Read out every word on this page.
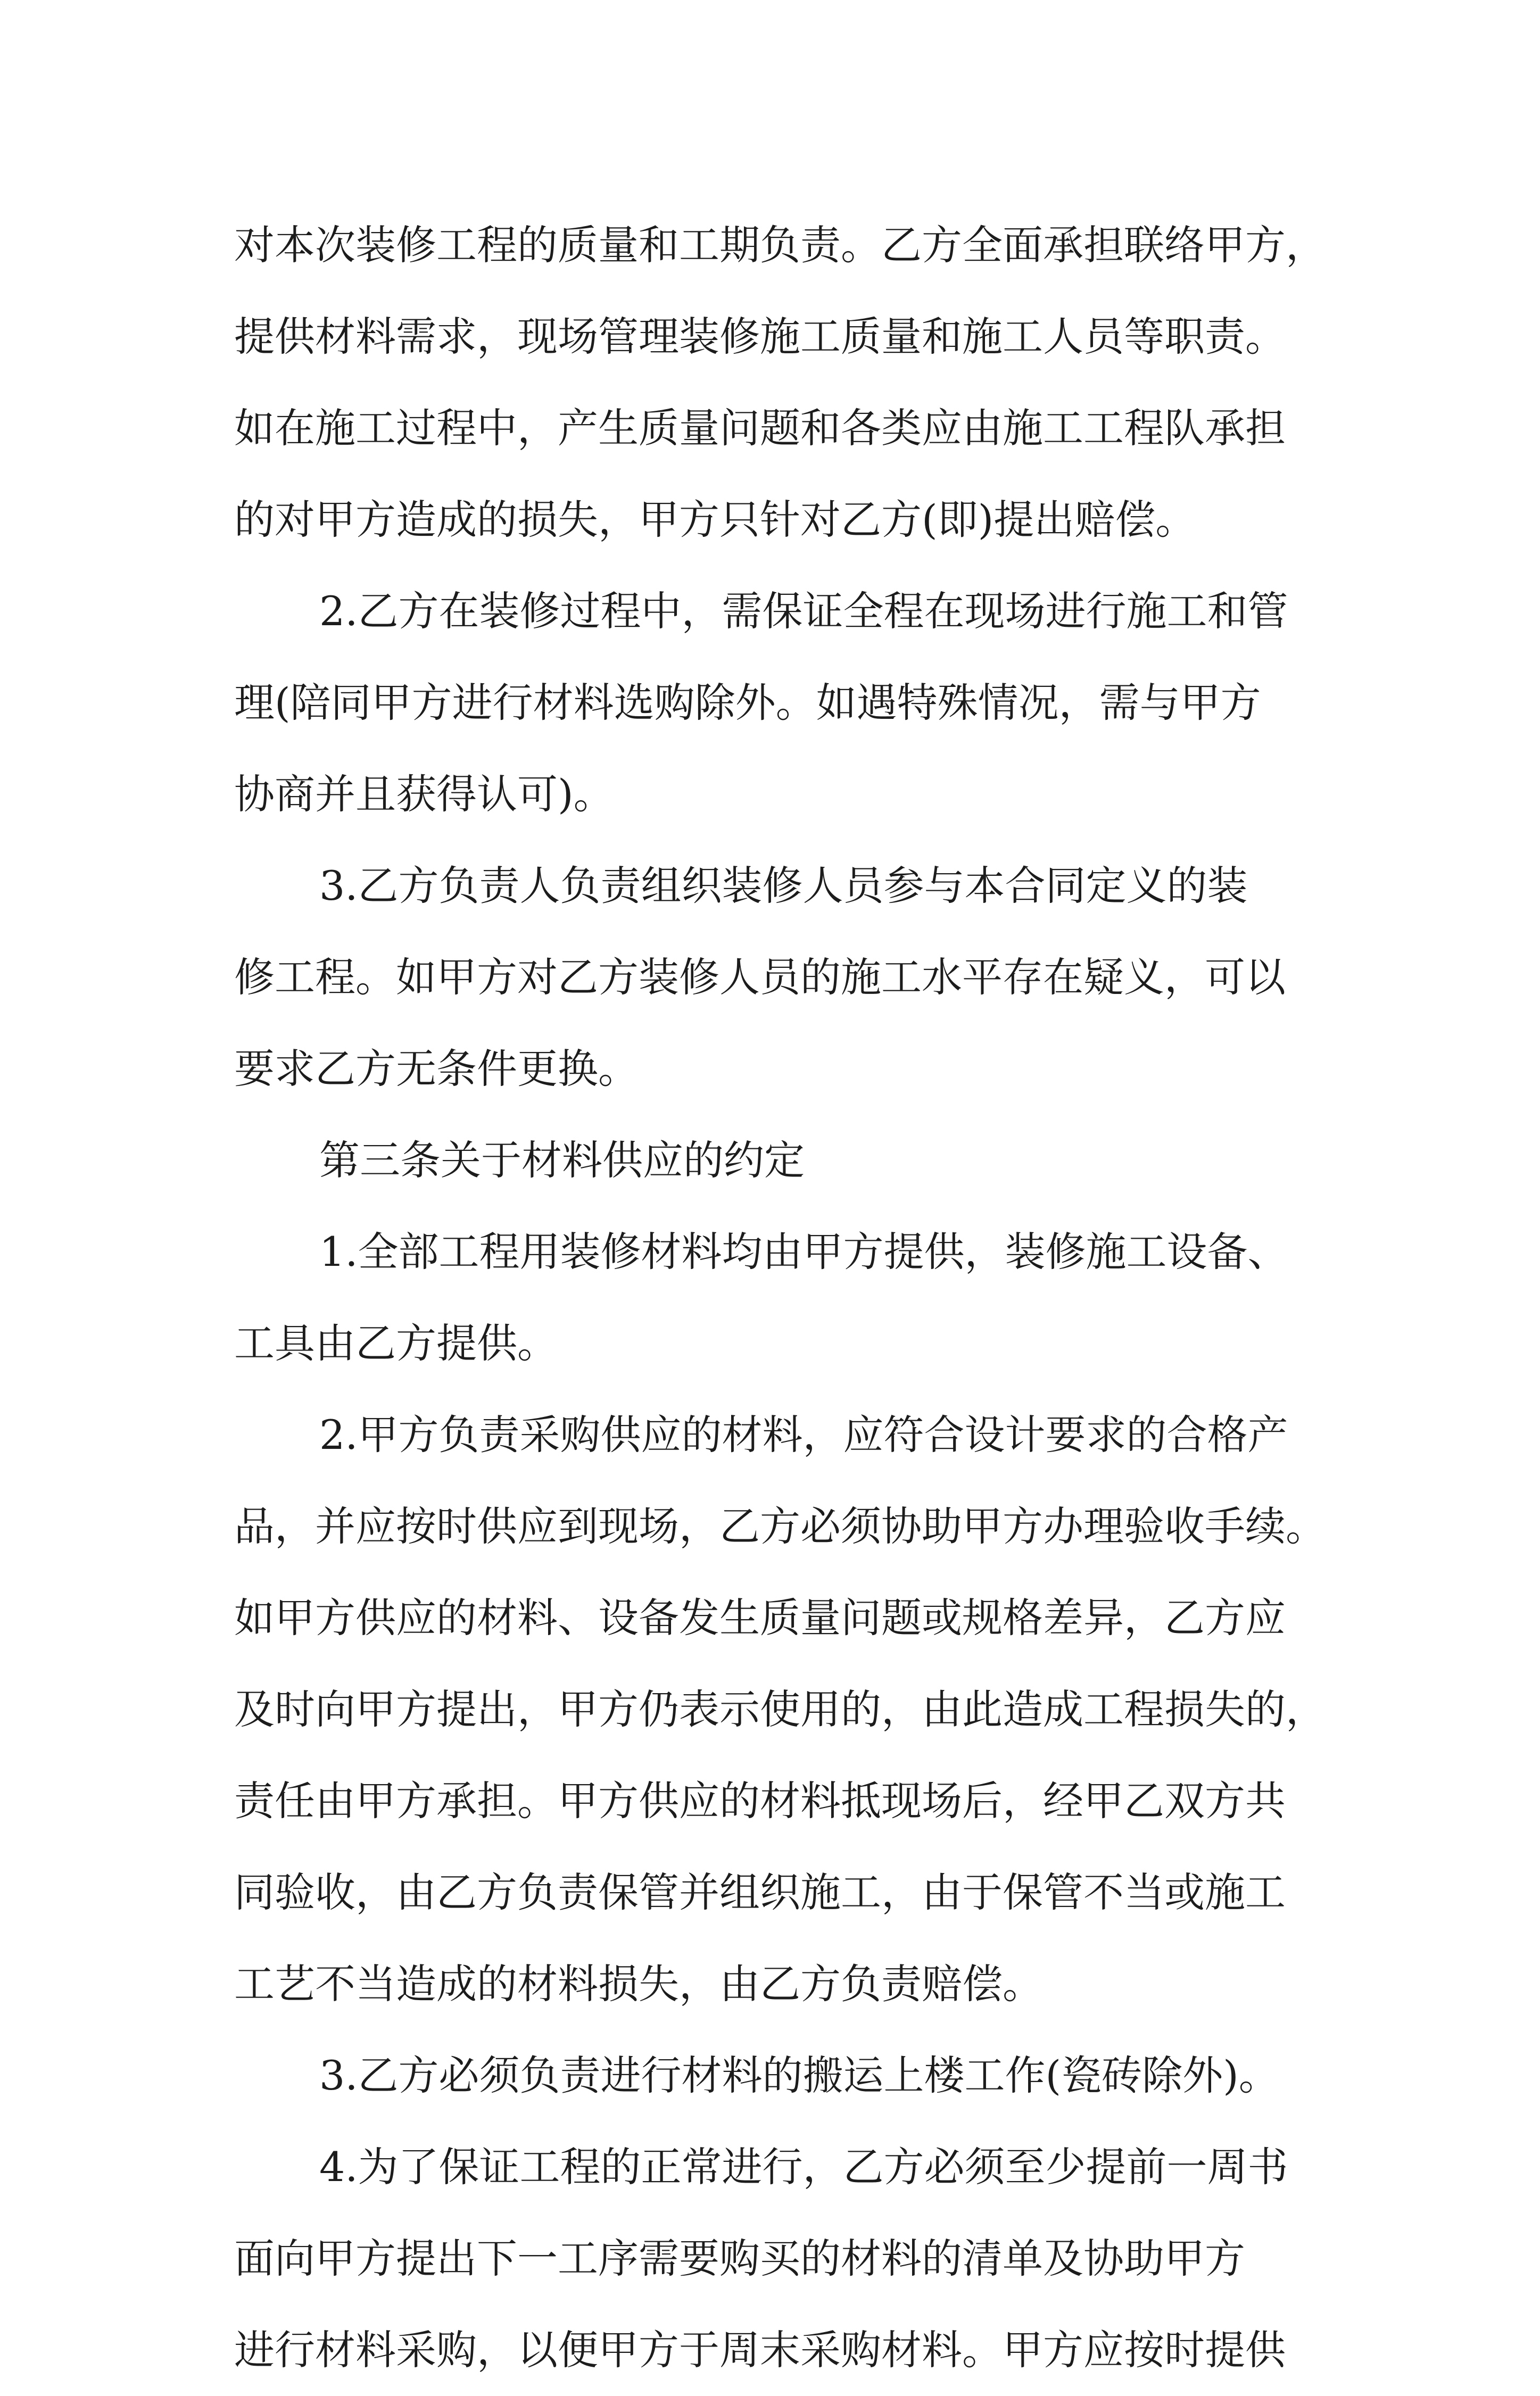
对本次装修工程的质量和工期负责。乙方全面承担联络甲方，
提供材料需求，现场管理装修施工质量和施工人员等职责。
如在施工过程中，产生质量问题和各类应由施工工程队承担
的对甲方造成的损失，甲方只针对乙方(即)提出赔偿。
2.乙方在装修过程中，需保证全程在现场进行施工和管
理(陪同甲方进行材料选购除外。如遇特殊情况，需与甲方
协商并且获得认可)。
3.乙方负责人负责组织装修人员参与本合同定义的装
修工程。如甲方对乙方装修人员的施工水平存在疑义，可以
要求乙方无条件更换。
第三条关于材料供应的约定
1.全部工程用装修材料均由甲方提供，装修施工设备、
工具由乙方提供。
2.甲方负责采购供应的材料，应符合设计要求的合格产
品，并应按时供应到现场，乙方必须协助甲方办理验收手续。
如甲方供应的材料、设备发生质量问题或规格差异，乙方应
及时向甲方提出，甲方仍表示使用的，由此造成工程损失的，
责任由甲方承担。甲方供应的材料抵现场后，经甲乙双方共
同验收，由乙方负责保管并组织施工，由于保管不当或施工
工艺不当造成的材料损失，由乙方负责赔偿。
3.乙方必须负责进行材料的搬运上楼工作(瓷砖除外)。
4.为了保证工程的正常进行，乙方必须至少提前一周书
面向甲方提出下一工序需要购买的材料的清单及协助甲方
进行材料采购，以便甲方于周末采购材料。甲方应按时提供
